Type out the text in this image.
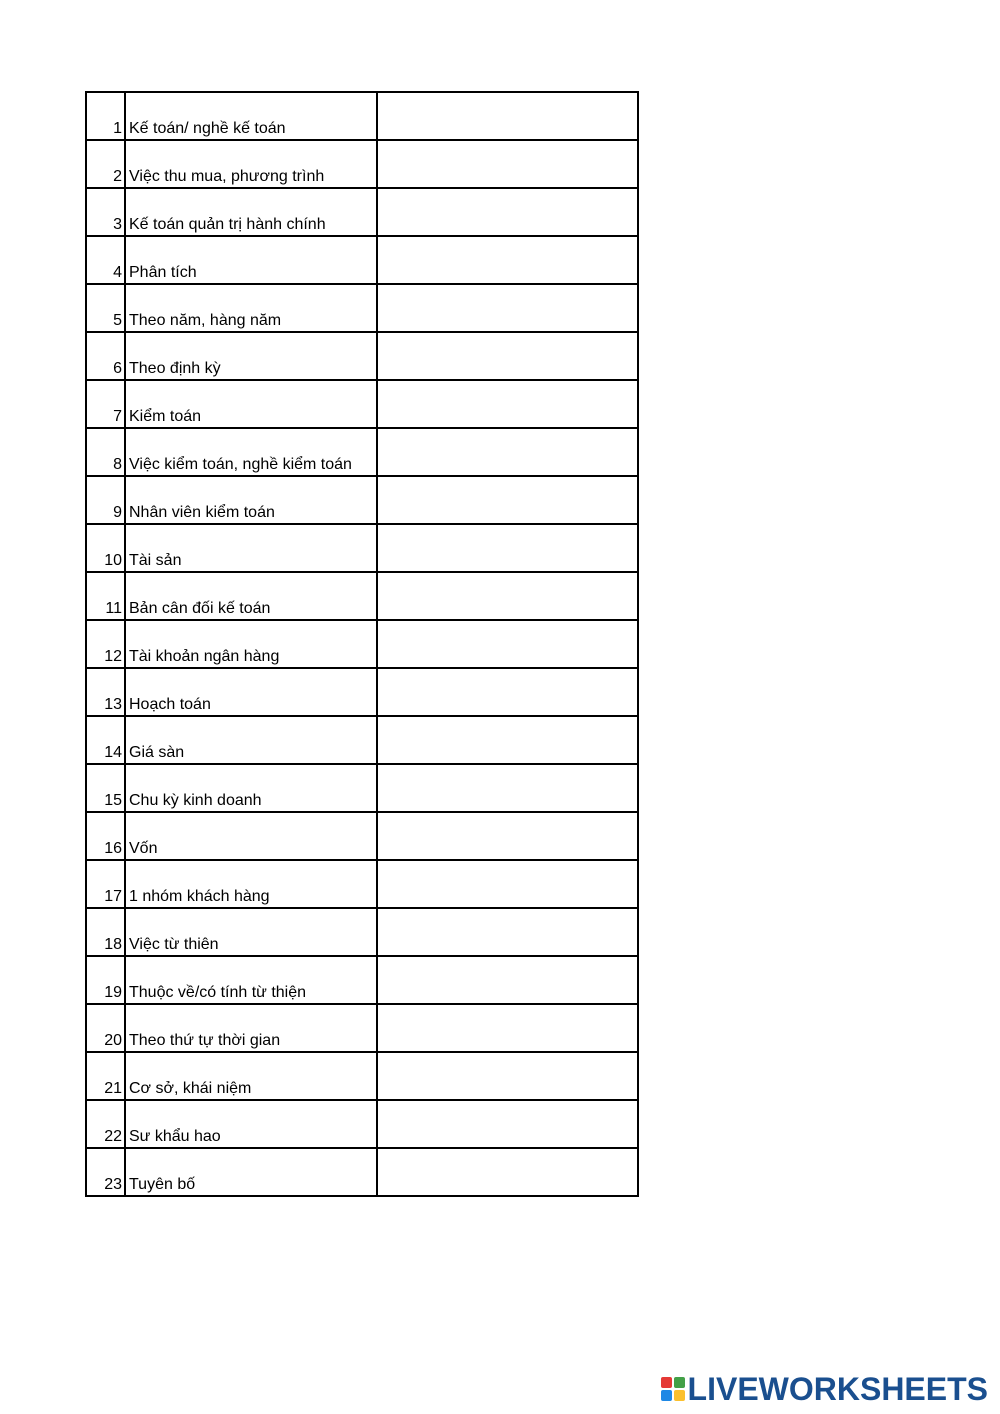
1	Kế toán/ nghề kế toán	
2	Việc thu mua, phương trình	
3	Kế toán quản trị hành chính	
4	Phân tích	
5	Theo năm, hàng năm	
6	Theo định kỳ	
7	Kiểm toán	
8	Việc kiểm toán, nghề kiểm toán	
9	Nhân viên kiểm toán	
10	Tài sản	
11	Bản cân đối kế toán	
12	Tài khoản ngân hàng	
13	Hoạch toán	
14	Giá sàn	
15	Chu kỳ kinh doanh	
16	Vốn	
17	1 nhóm khách hàng	
18	Việc từ thiên	
19	Thuộc về/có tính từ thiện	
20	Theo thứ tự thời gian	
21	Cơ sở, khái niệm	
22	Sư khẩu hao	
23	Tuyên bố	
LIVEWORKSHEETS
